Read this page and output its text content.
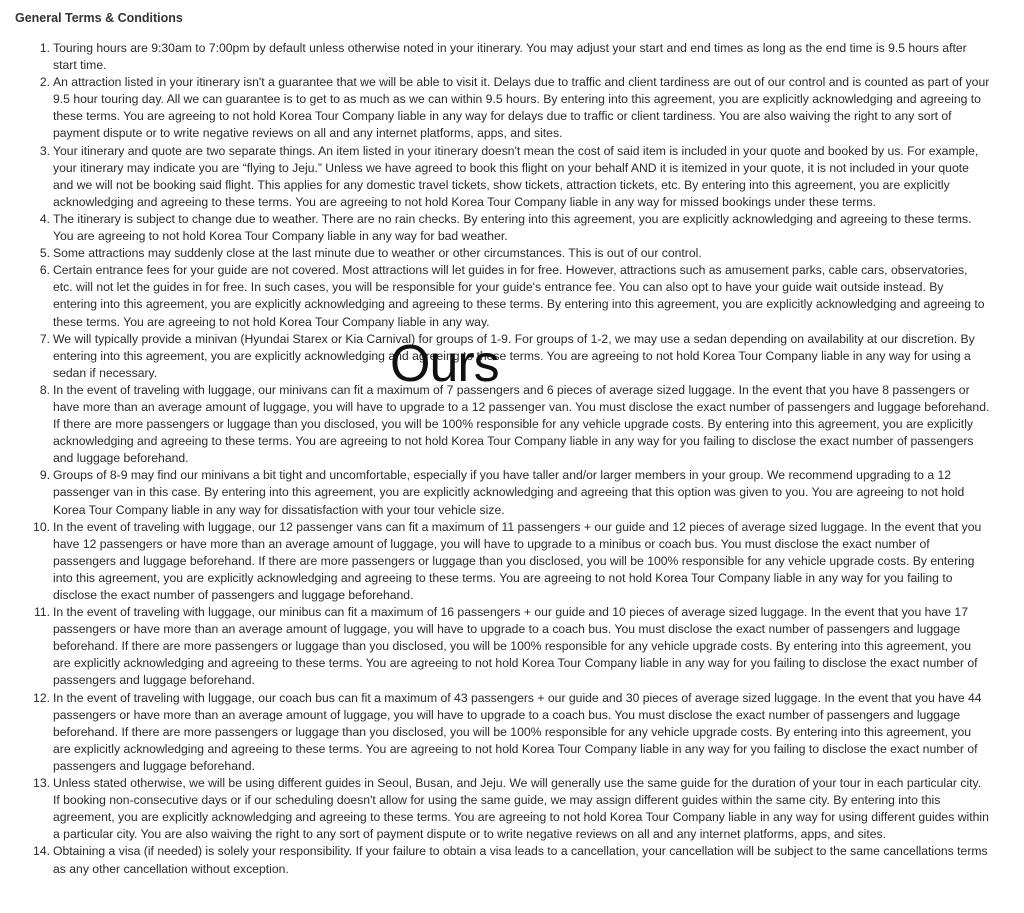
General Terms & Conditions
1. Touring hours are 9:30am to 7:00pm by default unless otherwise noted in your itinerary. You may adjust your start and end times as long as the end time is 9.5 hours after start time.
2. An attraction listed in your itinerary isn't a guarantee that we will be able to visit it. Delays due to traffic and client tardiness are out of our control and is counted as part of your 9.5 hour touring day. All we can guarantee is to get to as much as we can within 9.5 hours. By entering into this agreement, you are explicitly acknowledging and agreeing to these terms. You are agreeing to not hold Korea Tour Company liable in any way for delays due to traffic or client tardiness. You are also waiving the right to any sort of payment dispute or to write negative reviews on all and any internet platforms, apps, and sites.
3. Your itinerary and quote are two separate things. An item listed in your itinerary doesn't mean the cost of said item is included in your quote and booked by us. For example, your itinerary may indicate you are “flying to Jeju.” Unless we have agreed to book this flight on your behalf AND it is itemized in your quote, it is not included in your quote and we will not be booking said flight. This applies for any domestic travel tickets, show tickets, attraction tickets, etc. By entering into this agreement, you are explicitly acknowledging and agreeing to these terms. You are agreeing to not hold Korea Tour Company liable in any way for missed bookings under these terms.
4. The itinerary is subject to change due to weather. There are no rain checks. By entering into this agreement, you are explicitly acknowledging and agreeing to these terms. You are agreeing to not hold Korea Tour Company liable in any way for bad weather.
5. Some attractions may suddenly close at the last minute due to weather or other circumstances. This is out of our control.
6. Certain entrance fees for your guide are not covered. Most attractions will let guides in for free. However, attractions such as amusement parks, cable cars, observatories, etc. will not let the guides in for free. In such cases, you will be responsible for your guide's entrance fee. You can also opt to have your guide wait outside instead. By entering into this agreement, you are explicitly acknowledging and agreeing to these terms. By entering into this agreement, you are explicitly acknowledging and agreeing to these terms. You are agreeing to not hold Korea Tour Company liable in any way.
7. We will typically provide a minivan (Hyundai Starex or Kia Carnival) for groups of 1-9. For groups of 1-2, we may use a sedan depending on availability at our discretion. By entering into this agreement, you are explicitly acknowledging and agreeing to these terms. You are agreeing to not hold Korea Tour Company liable in any way for using a sedan if necessary.
8. In the event of traveling with luggage, our minivans can fit a maximum of 7 passengers and 6 pieces of average sized luggage. In the event that you have 8 passengers or have more than an average amount of luggage, you will have to upgrade to a 12 passenger van. You must disclose the exact number of passengers and luggage beforehand. If there are more passengers or luggage than you disclosed, you will be 100% responsible for any vehicle upgrade costs. By entering into this agreement, you are explicitly acknowledging and agreeing to these terms. You are agreeing to not hold Korea Tour Company liable in any way for you failing to disclose the exact number of passengers and luggage beforehand.
9. Groups of 8-9 may find our minivans a bit tight and uncomfortable, especially if you have taller and/or larger members in your group. We recommend upgrading to a 12 passenger van in this case. By entering into this agreement, you are explicitly acknowledging and agreeing that this option was given to you. You are agreeing to not hold Korea Tour Company liable in any way for dissatisfaction with your tour vehicle size.
10. In the event of traveling with luggage, our 12 passenger vans can fit a maximum of 11 passengers + our guide and 12 pieces of average sized luggage. In the event that you have 12 passengers or have more than an average amount of luggage, you will have to upgrade to a minibus or coach bus. You must disclose the exact number of passengers and luggage beforehand. If there are more passengers or luggage than you disclosed, you will be 100% responsible for any vehicle upgrade costs. By entering into this agreement, you are explicitly acknowledging and agreeing to these terms. You are agreeing to not hold Korea Tour Company liable in any way for you failing to disclose the exact number of passengers and luggage beforehand.
11. In the event of traveling with luggage, our minibus can fit a maximum of 16 passengers + our guide and 10 pieces of average sized luggage. In the event that you have 17 passengers or have more than an average amount of luggage, you will have to upgrade to a coach bus. You must disclose the exact number of passengers and luggage beforehand. If there are more passengers or luggage than you disclosed, you will be 100% responsible for any vehicle upgrade costs. By entering into this agreement, you are explicitly acknowledging and agreeing to these terms. You are agreeing to not hold Korea Tour Company liable in any way for you failing to disclose the exact number of passengers and luggage beforehand.
12. In the event of traveling with luggage, our coach bus can fit a maximum of 43 passengers + our guide and 30 pieces of average sized luggage. In the event that you have 44 passengers or have more than an average amount of luggage, you will have to upgrade to a coach bus. You must disclose the exact number of passengers and luggage beforehand. If there are more passengers or luggage than you disclosed, you will be 100% responsible for any vehicle upgrade costs. By entering into this agreement, you are explicitly acknowledging and agreeing to these terms. You are agreeing to not hold Korea Tour Company liable in any way for you failing to disclose the exact number of passengers and luggage beforehand.
13. Unless stated otherwise, we will be using different guides in Seoul, Busan, and Jeju. We will generally use the same guide for the duration of your tour in each particular city. If booking non-consecutive days or if our scheduling doesn't allow for using the same guide, we may assign different guides within the same city. By entering into this agreement, you are explicitly acknowledging and agreeing to these terms. You are agreeing to not hold Korea Tour Company liable in any way for using different guides within a particular city. You are also waiving the right to any sort of payment dispute or to write negative reviews on all and any internet platforms, apps, and sites.
14. Obtaining a visa (if needed) is solely your responsibility. If your failure to obtain a visa leads to a cancellation, your cancellation will be subject to the same cancellations terms as any other cancellation without exception.
Ours
